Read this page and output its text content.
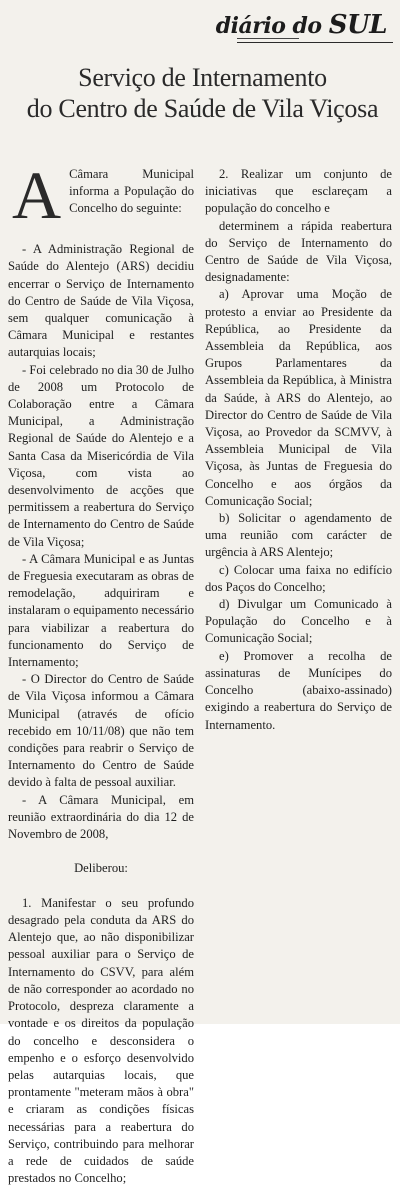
diário do SUL
Serviço de Internamento
do Centro de Saúde de Vila Viçosa
A Câmara Municipal informa a População do Concelho do seguinte:

- A Administração Regional de Saúde do Alentejo (ARS) decidiu encerrar o Serviço de Internamento do Centro de Saúde de Vila Viçosa, sem qualquer comunicação à Câmara Municipal e restantes autarquias locais;

- Foi celebrado no dia 30 de Julho de 2008 um Protocolo de Colaboração entre a Câmara Municipal, a Administração Regional de Saúde do Alentejo e a Santa Casa da Misericórdia de Vila Viçosa, com vista ao desenvolvimento de acções que permitissem a reabertura do Serviço de Internamento do Centro de Saúde de Vila Viçosa;

- A Câmara Municipal e as Juntas de Freguesia executaram as obras de remodelação, adquiriram e instalaram o equipamento necessário para viabilizar a reabertura do funcionamento do Serviço de Internamento;

- O Director do Centro de Saúde de Vila Viçosa informou a Câmara Municipal (através de ofício recebido em 10/11/08) que não tem condições para reabrir o Serviço de Internamento do Centro de Saúde devido à falta de pessoal auxiliar.

- A Câmara Municipal, em reunião extraordinária do dia 12 de Novembro de 2008,

Deliberou:

1. Manifestar o seu profundo desagrado pela conduta da ARS do Alentejo que, ao não disponibilizar pessoal auxiliar para o Serviço de Internamento do CSVV, para além de não corresponder ao acordado no Protocolo, despreza claramente a vontade e os direitos da população do concelho e desconsidera o empenho e o esforço desenvolvido pelas autarquias locais, que prontamente "meteram mãos à obra" e criaram as condições físicas necessárias para a reabertura do Serviço, contribuindo para melhorar a rede de cuidados de saúde prestados no Concelho;

2. Realizar um conjunto de iniciativas que esclareçam a população do concelho e

determinem a rápida reabertura do Serviço de Internamento do Centro de Saúde de Vila Viçosa, designadamente:

a) Aprovar uma Moção de protesto a enviar ao Presidente da República, ao Presidente da Assembleia da República, aos Grupos Parlamentares da Assembleia da República, à Ministra da Saúde, à ARS do Alentejo, ao Director do Centro de Saúde de Vila Viçosa, ao Provedor da SCMVV, à Assembleia Municipal de Vila Viçosa, às Juntas de Freguesia do Concelho e aos órgãos da Comunicação Social;

b) Solicitar o agendamento de uma reunião com carácter de urgência à ARS Alentejo;

c) Colocar uma faixa no edifício dos Paços do Concelho;

d) Divulgar um Comunicado à População do Concelho e à Comunicação Social;

e) Promover a recolha de assinaturas de Munícipes do Concelho (abaixo-assinado) exigindo a reabertura do Serviço de Internamento.
